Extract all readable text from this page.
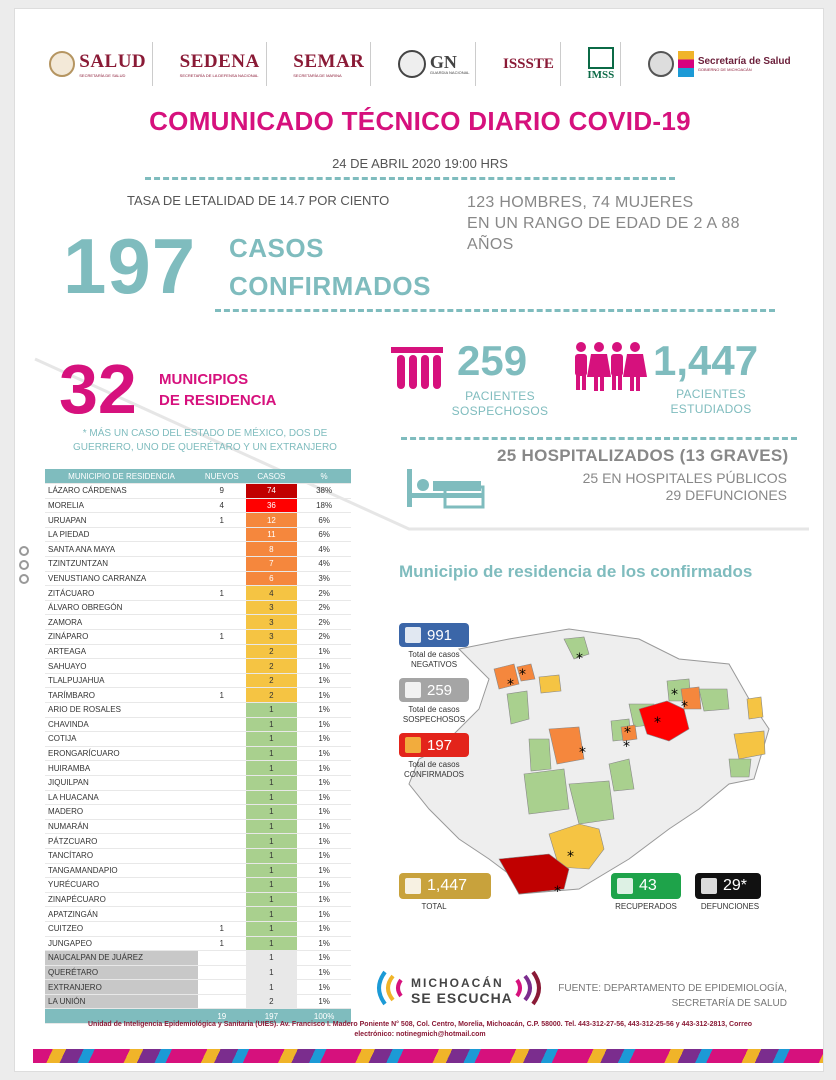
SALUD
SECRETARÍA DE SALUD
SEDENA
SECRETARÍA DE LA DEFENSA NACIONAL
SEMAR
SECRETARÍA DE MARINA
GN
GUARDIA NACIONAL
ISSSTE
IMSS
Secretaría de Salud
GOBIERNO DE MICHOACÁN
COMUNICADO TÉCNICO DIARIO COVID-19
24 DE ABRIL 2020 19:00 HRS
TASA DE LETALIDAD DE 14.7 POR CIENTO
197 CASOS
CONFIRMADOS
123 HOMBRES, 74 MUJERES
EN UN RANGO DE EDAD DE 2 A 88
AÑOS
32 MUNICIPIOS
DE RESIDENCIA
* MÁS UN CASO DEL ESTADO DE MÉXICO, DOS DE GUERRERO, UNO DE QUERÉTARO Y UN EXTRANJERO
259
PACIENTES
SOSPECHOSOS
1,447
PACIENTES
ESTUDIADOS
25 HOSPITALIZADOS (13 GRAVES)
25 EN HOSPITALES PÚBLICOS
29 DEFUNCIONES
MUNICIPIO DE RESIDENCIA	NUEVOS	CASOS	%
LÁZARO CÁRDENAS	9	74	38%
MORELIA	4	36	18%
URUAPAN	1	12	6%
LA PIEDAD		11	6%
SANTA ANA MAYA		8	4%
TZINTZUNTZAN		7	4%
VENUSTIANO CARRANZA		6	3%
ZITÁCUARO	1	4	2%
ÁLVARO OBREGÓN		3	2%
ZAMORA		3	2%
ZINÁPARO	1	3	2%
ARTEAGA		2	1%
SAHUAYO		2	1%
TLALPUJAHUA		2	1%
TARÍMBARO	1	2	1%
ARIO DE ROSALES		1	1%
CHAVINDA		1	1%
COTIJA		1	1%
ERONGARÍCUARO		1	1%
HUIRAMBA		1	1%
JIQUILPAN		1	1%
LA HUACANA		1	1%
MADERO		1	1%
NUMARÁN		1	1%
PÁTZCUARO		1	1%
TANCÍTARO		1	1%
TANGAMANDAPIO		1	1%
YURÉCUARO		1	1%
ZINAPÉCUARO		1	1%
APATZINGÁN		1	1%
CUITZEO	1	1	1%
JUNGAPEO	1	1	1%
NAUCALPAN DE JUÁREZ		1	1%
QUERÉTARO		1	1%
EXTRANJERO		1	1%
LA UNIÓN		2	1%
	19	197	100%
Municipio de residencia de los confirmados
*
*
*
*
*
*
*
*
*
*
*
991
Total de casos
NEGATIVOS
259
Total de casos
SOSPECHOSOS
197
Total de casos
CONFIRMADOS
1,447
TOTAL
43
RECUPERADOS
29*
DEFUNCIONES
MICHOACÁN
SE ESCUCHA
FUENTE: DEPARTAMENTO DE EPIDEMIOLOGÍA,
SECRETARÍA DE SALUD
Unidad de Inteligencia Epidemiológica y Sanitaria (UIES). Av. Francisco I. Madero Poniente N° 508, Col. Centro, Morelia, Michoacán, C.P. 58000. Tel. 443-312-27-56, 443-312-25-56 y 443-312-2813, Correo electrónico: notinegmich@hotmail.com
